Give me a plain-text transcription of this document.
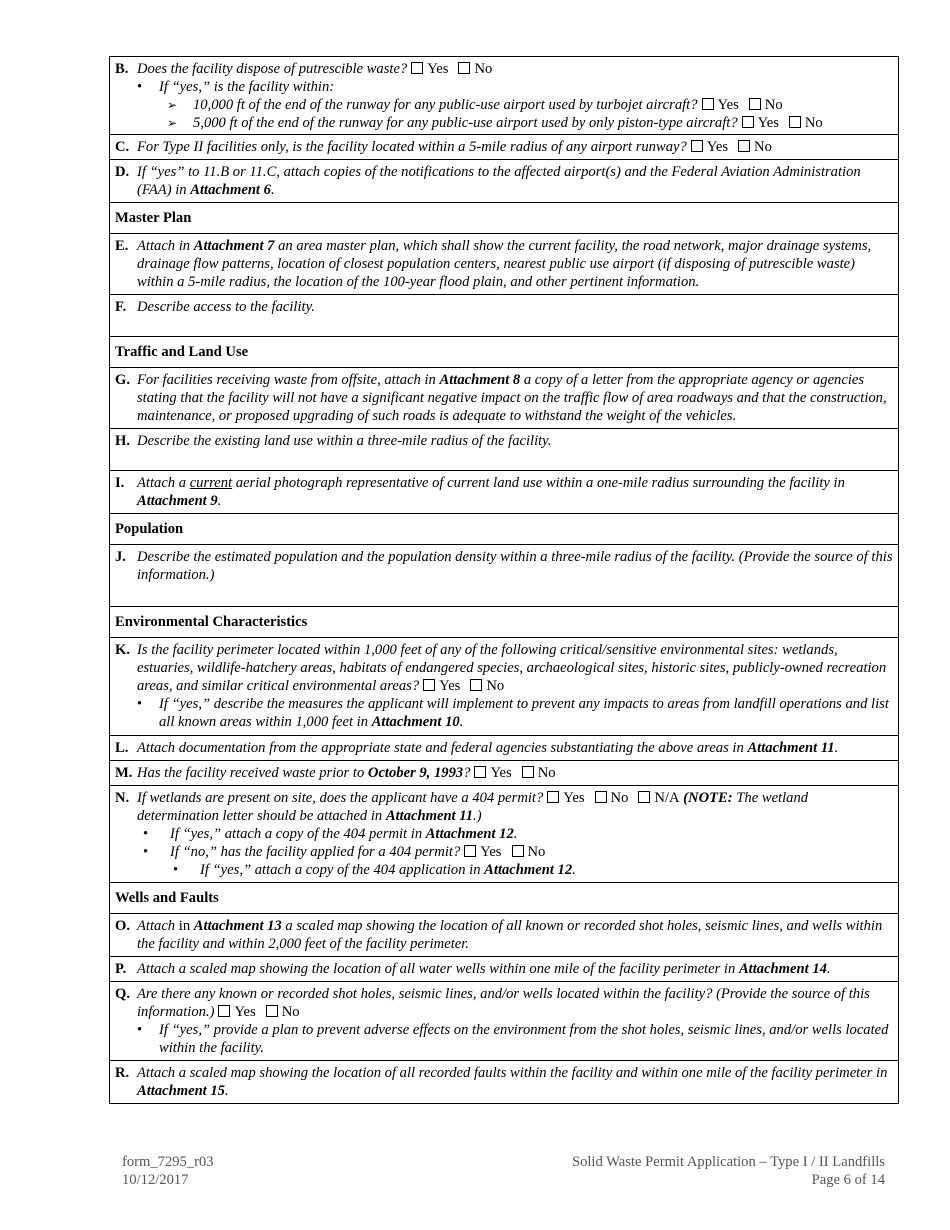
B. Does the facility dispose of putrescible waste? Yes No
• If “yes,” is the facility within:
➢ 10,000 ft of the end of the runway for any public-use airport used by turbojet aircraft? Yes No
➢ 5,000 ft of the end of the runway for any public-use airport used by only piston-type aircraft? Yes No
C. For Type II facilities only, is the facility located within a 5-mile radius of any airport runway? Yes No
D. If “yes” to 11.B or 11.C, attach copies of the notifications to the affected airport(s) and the Federal Aviation Administration (FAA) in Attachment 6.
Master Plan
E. Attach in Attachment 7 an area master plan, which shall show the current facility, the road network, major drainage systems, drainage flow patterns, location of closest population centers, nearest public use airport (if disposing of putrescible waste) within a 5-mile radius, the location of the 100-year flood plain, and other pertinent information.
F. Describe access to the facility.
Traffic and Land Use
G. For facilities receiving waste from offsite, attach in Attachment 8 a copy of a letter from the appropriate agency or agencies stating that the facility will not have a significant negative impact on the traffic flow of area roadways and that the construction, maintenance, or proposed upgrading of such roads is adequate to withstand the weight of the vehicles.
H. Describe the existing land use within a three-mile radius of the facility.
I. Attach a current aerial photograph representative of current land use within a one-mile radius surrounding the facility in Attachment 9.
Population
J. Describe the estimated population and the population density within a three-mile radius of the facility. (Provide the source of this information.)
Environmental Characteristics
K. Is the facility perimeter located within 1,000 feet of any of the following critical/sensitive environmental sites: wetlands, estuaries, wildlife-hatchery areas, habitats of endangered species, archaeological sites, historic sites, publicly-owned recreation areas, and similar critical environmental areas? Yes No
• If “yes,” describe the measures the applicant will implement to prevent any impacts to areas from landfill operations and list all known areas within 1,000 feet in Attachment 10.
L. Attach documentation from the appropriate state and federal agencies substantiating the above areas in Attachment 11.
M. Has the facility received waste prior to October 9, 1993? Yes No
N. If wetlands are present on site, does the applicant have a 404 permit? Yes No N/A (NOTE: The wetland determination letter should be attached in Attachment 11.)
• If “yes,” attach a copy of the 404 permit in Attachment 12.
• If “no,” has the facility applied for a 404 permit? Yes No
• If “yes,” attach a copy of the 404 application in Attachment 12.
Wells and Faults
O. Attach in Attachment 13 a scaled map showing the location of all known or recorded shot holes, seismic lines, and wells within the facility and within 2,000 feet of the facility perimeter.
P. Attach a scaled map showing the location of all water wells within one mile of the facility perimeter in Attachment 14.
Q. Are there any known or recorded shot holes, seismic lines, and/or wells located within the facility? (Provide the source of this information.) Yes No
• If “yes,” provide a plan to prevent adverse effects on the environment from the shot holes, seismic lines, and/or wells located within the facility.
R. Attach a scaled map showing the location of all recorded faults within the facility and within one mile of the facility perimeter in Attachment 15.
form_7295_r03
10/12/2017
Solid Waste Permit Application – Type I / II Landfills
Page 6 of 14
